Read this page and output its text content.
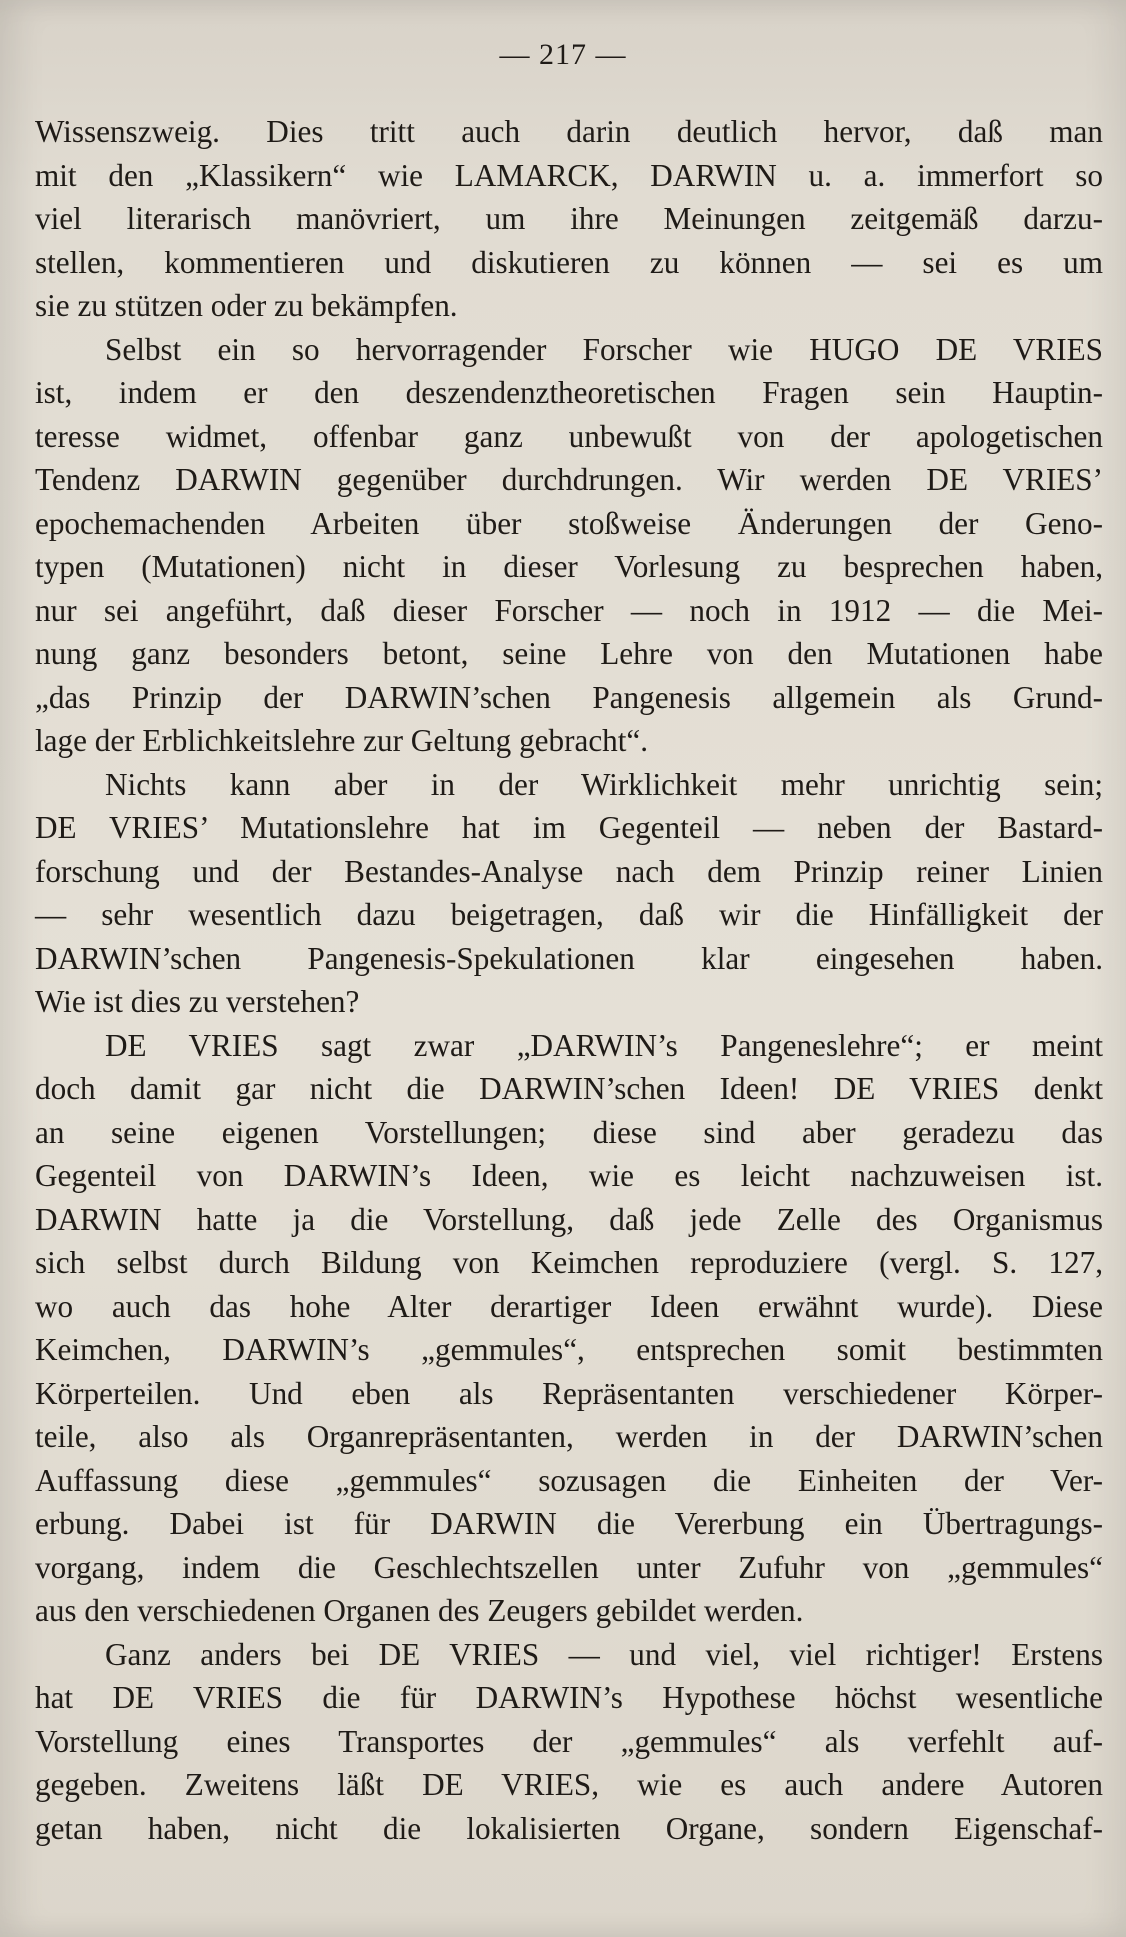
— 217 —

Wissenszweig. Dies tritt auch darin deutlich hervor, daß man
mit den „Klassikern“ wie LAMARCK, DARWIN u. a. immerfort so
viel literarisch manövriert, um ihre Meinungen zeitgemäß darzu-
stellen, kommentieren und diskutieren zu können — sei es um
sie zu stützen oder zu bekämpfen.

Selbst ein so hervorragender Forscher wie HUGO DE VRIES
ist, indem er den deszendenztheoretischen Fragen sein Hauptin-
teresse widmet, offenbar ganz unbewußt von der apologetischen
Tendenz DARWIN gegenüber durchdrungen. Wir werden DE VRIES’
epochemachenden Arbeiten über stoßweise Änderungen der Geno-
typen (Mutationen) nicht in dieser Vorlesung zu besprechen haben,
nur sei angeführt, daß dieser Forscher — noch in 1912 — die Mei-
nung ganz besonders betont, seine Lehre von den Mutationen habe
„das Prinzip der DARWIN’schen Pangenesis allgemein als Grund-
lage der Erblichkeitslehre zur Geltung gebracht“.

Nichts kann aber in der Wirklichkeit mehr unrichtig sein;
DE VRIES’ Mutationslehre hat im Gegenteil — neben der Bastard-
forschung und der Bestandes-Analyse nach dem Prinzip reiner Linien
— sehr wesentlich dazu beigetragen, daß wir die Hinfälligkeit der
DARWIN’schen Pangenesis-Spekulationen klar eingesehen haben.
Wie ist dies zu verstehen?

DE VRIES sagt zwar „DARWIN’s Pangeneslehre“; er meint
doch damit gar nicht die DARWIN’schen Ideen! DE VRIES denkt
an seine eigenen Vorstellungen; diese sind aber geradezu das
Gegenteil von DARWIN’s Ideen, wie es leicht nachzuweisen ist.
DARWIN hatte ja die Vorstellung, daß jede Zelle des Organismus
sich selbst durch Bildung von Keimchen reproduziere (vergl. S. 127,
wo auch das hohe Alter derartiger Ideen erwähnt wurde). Diese
Keimchen, DARWIN’s „gemmules“, entsprechen somit bestimmten
Körperteilen. Und eben als Repräsentanten verschiedener Körper-
teile, also als Organrepräsentanten, werden in der DARWIN’schen
Auffassung diese „gemmules“ sozusagen die Einheiten der Ver-
erbung. Dabei ist für DARWIN die Vererbung ein Übertragungs-
vorgang, indem die Geschlechtszellen unter Zufuhr von „gemmules“
aus den verschiedenen Organen des Zeugers gebildet werden.

Ganz anders bei DE VRIES — und viel, viel richtiger! Erstens
hat DE VRIES die für DARWIN’s Hypothese höchst wesentliche
Vorstellung eines Transportes der „gemmules“ als verfehlt auf-
gegeben. Zweitens läßt DE VRIES, wie es auch andere Autoren
getan haben, nicht die lokalisierten Organe, sondern Eigenschaf-
